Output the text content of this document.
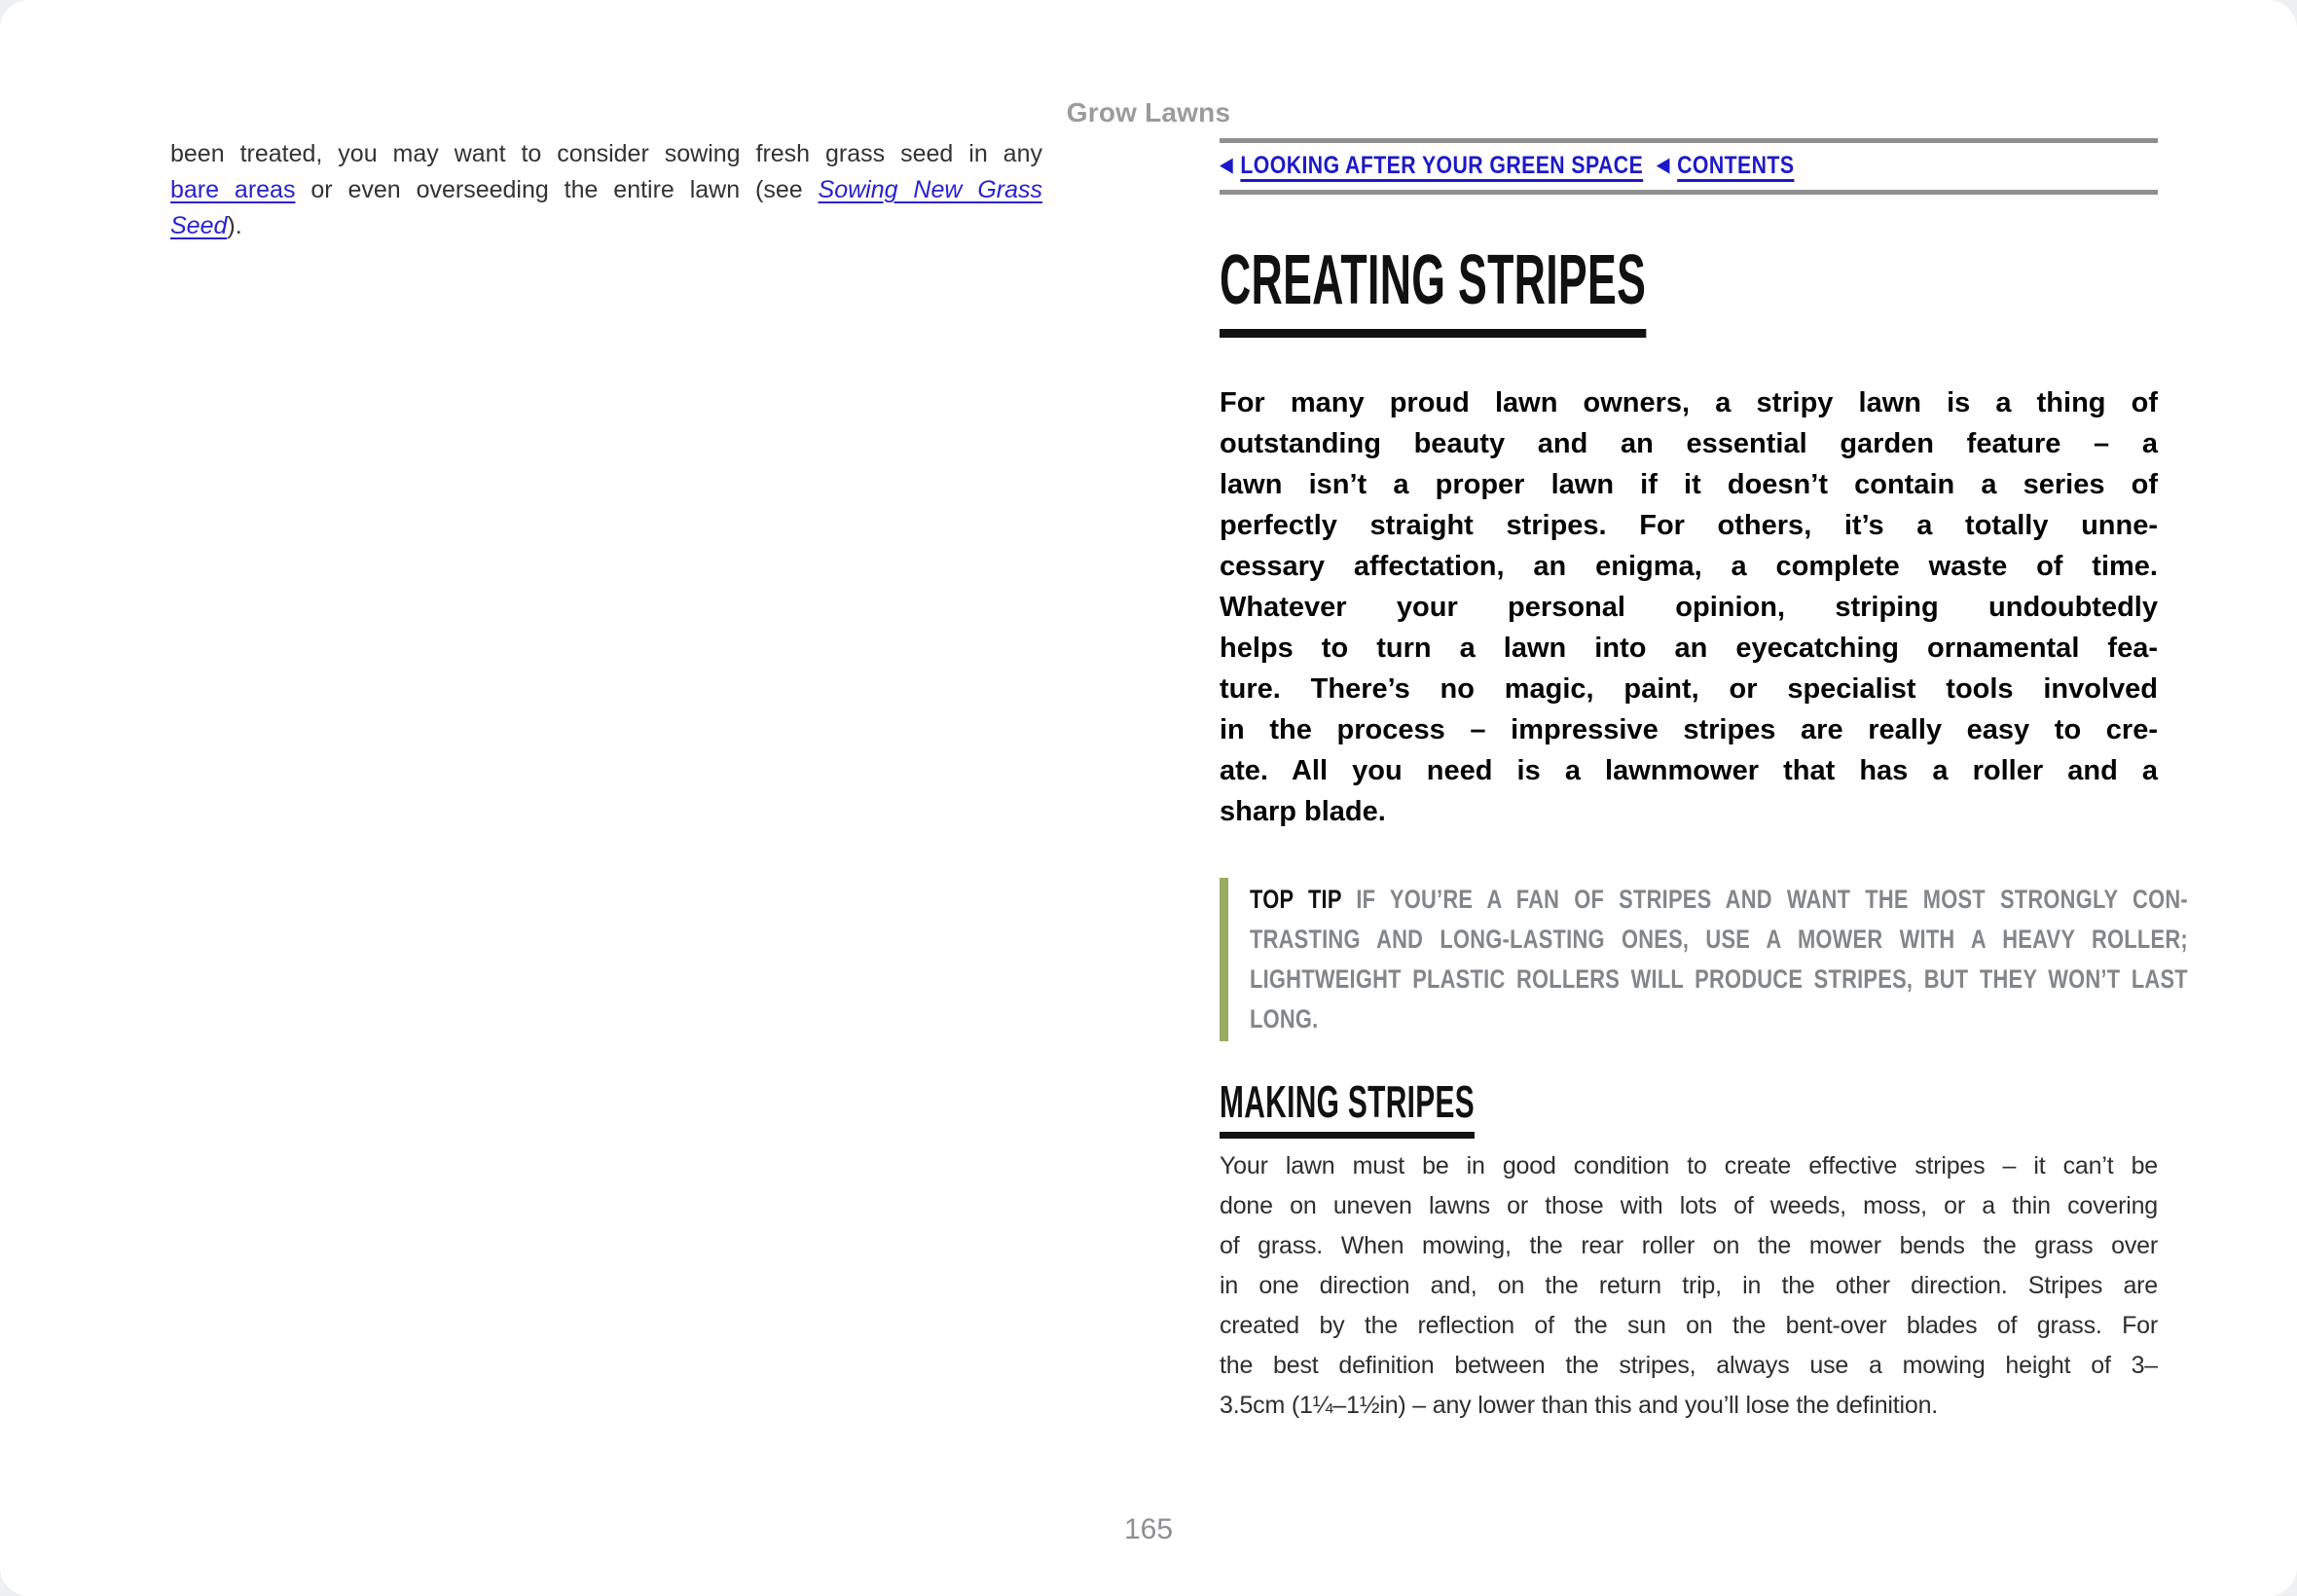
Grow Lawns
been treated, you may want to consider sowing fresh grass seed in any
bare areas or even overseeding the entire lawn (see Sowing New Grass
Seed).
◀ LOOKING AFTER YOUR GREEN SPACE ◀ CONTENTS
CREATING STRIPES
For many proud lawn owners, a stripy lawn is a thing of
outstanding beauty and an essential garden feature – a
lawn isn’t a proper lawn if it doesn’t contain a series of
perfectly straight stripes. For others, it’s a totally unne-
cessary affectation, an enigma, a complete waste of time.
Whatever your personal opinion, striping undoubtedly
helps to turn a lawn into an eyecatching ornamental fea-
ture. There’s no magic, paint, or specialist tools involved
in the process – impressive stripes are really easy to cre-
ate. All you need is a lawnmower that has a roller and a
sharp blade.
TOP TIP IF YOU’RE A FAN OF STRIPES AND WANT THE MOST STRONGLY CON-
TRASTING AND LONG-LASTING ONES, USE A MOWER WITH A HEAVY ROLLER;
LIGHTWEIGHT PLASTIC ROLLERS WILL PRODUCE STRIPES, BUT THEY WON’T LAST
LONG.
MAKING STRIPES
Your lawn must be in good condition to create effective stripes – it can’t be
done on uneven lawns or those with lots of weeds, moss, or a thin covering
of grass. When mowing, the rear roller on the mower bends the grass over
in one direction and, on the return trip, in the other direction. Stripes are
created by the reflection of the sun on the bent-over blades of grass. For
the best definition between the stripes, always use a mowing height of 3–
3.5cm (1¼–1½in) – any lower than this and you’ll lose the definition.
165
